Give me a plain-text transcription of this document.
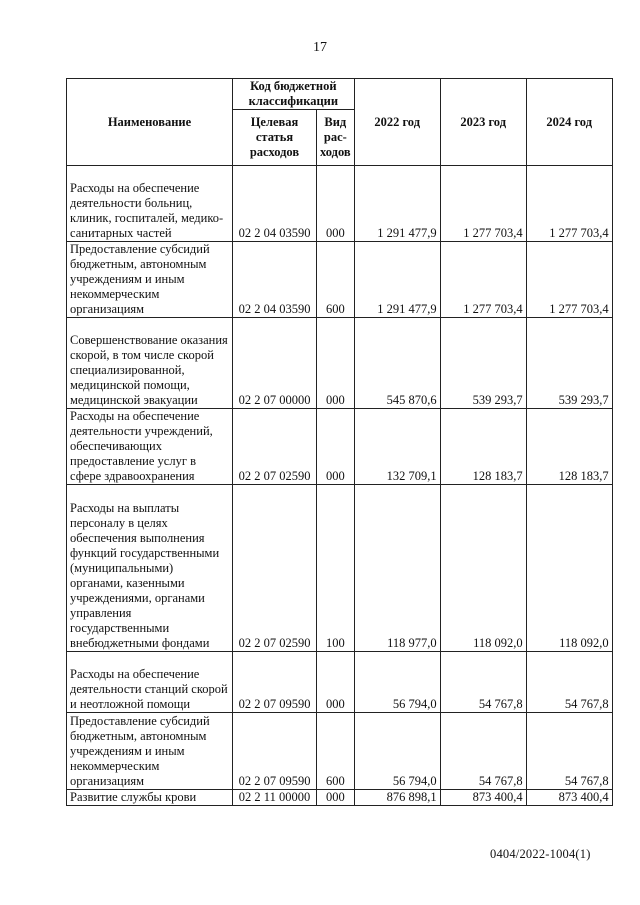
17
Наименование	Код бюджетной классификации		2022 год	2023 год	2024 год
	Целевая статья расходов	Вид рас-ходов			
Расходы на обеспечение деятельности больниц, клиник, госпиталей, медико-санитарных частей	02 2 04 03590	000	1 291 477,9	1 277 703,4	1 277 703,4
Предоставление субсидий бюджетным, автономным учреждениям и иным некоммерческим организациям	02 2 04 03590	600	1 291 477,9	1 277 703,4	1 277 703,4
Совершенствование оказания скорой, в том числе скорой специализированной, медицинской помощи, медицинской эвакуации	02 2 07 00000	000	545 870,6	539 293,7	539 293,7
Расходы на обеспечение деятельности учреждений, обеспечивающих предоставление услуг в сфере здравоохранения	02 2 07 02590	000	132 709,1	128 183,7	128 183,7
Расходы на выплаты персоналу в целях обеспечения выполнения функций государственными (муниципальными) органами, казенными учреждениями, органами управления государственными внебюджетными фондами	02 2 07 02590	100	118 977,0	118 092,0	118 092,0
Расходы на обеспечение деятельности станций скорой и неотложной помощи	02 2 07 09590	000	56 794,0	54 767,8	54 767,8
Предоставление субсидий бюджетным, автономным учреждениям и иным некоммерческим организациям	02 2 07 09590	600	56 794,0	54 767,8	54 767,8
Развитие службы крови	02 2 11 00000	000	876 898,1	873 400,4	873 400,4
0404/2022-1004(1)
